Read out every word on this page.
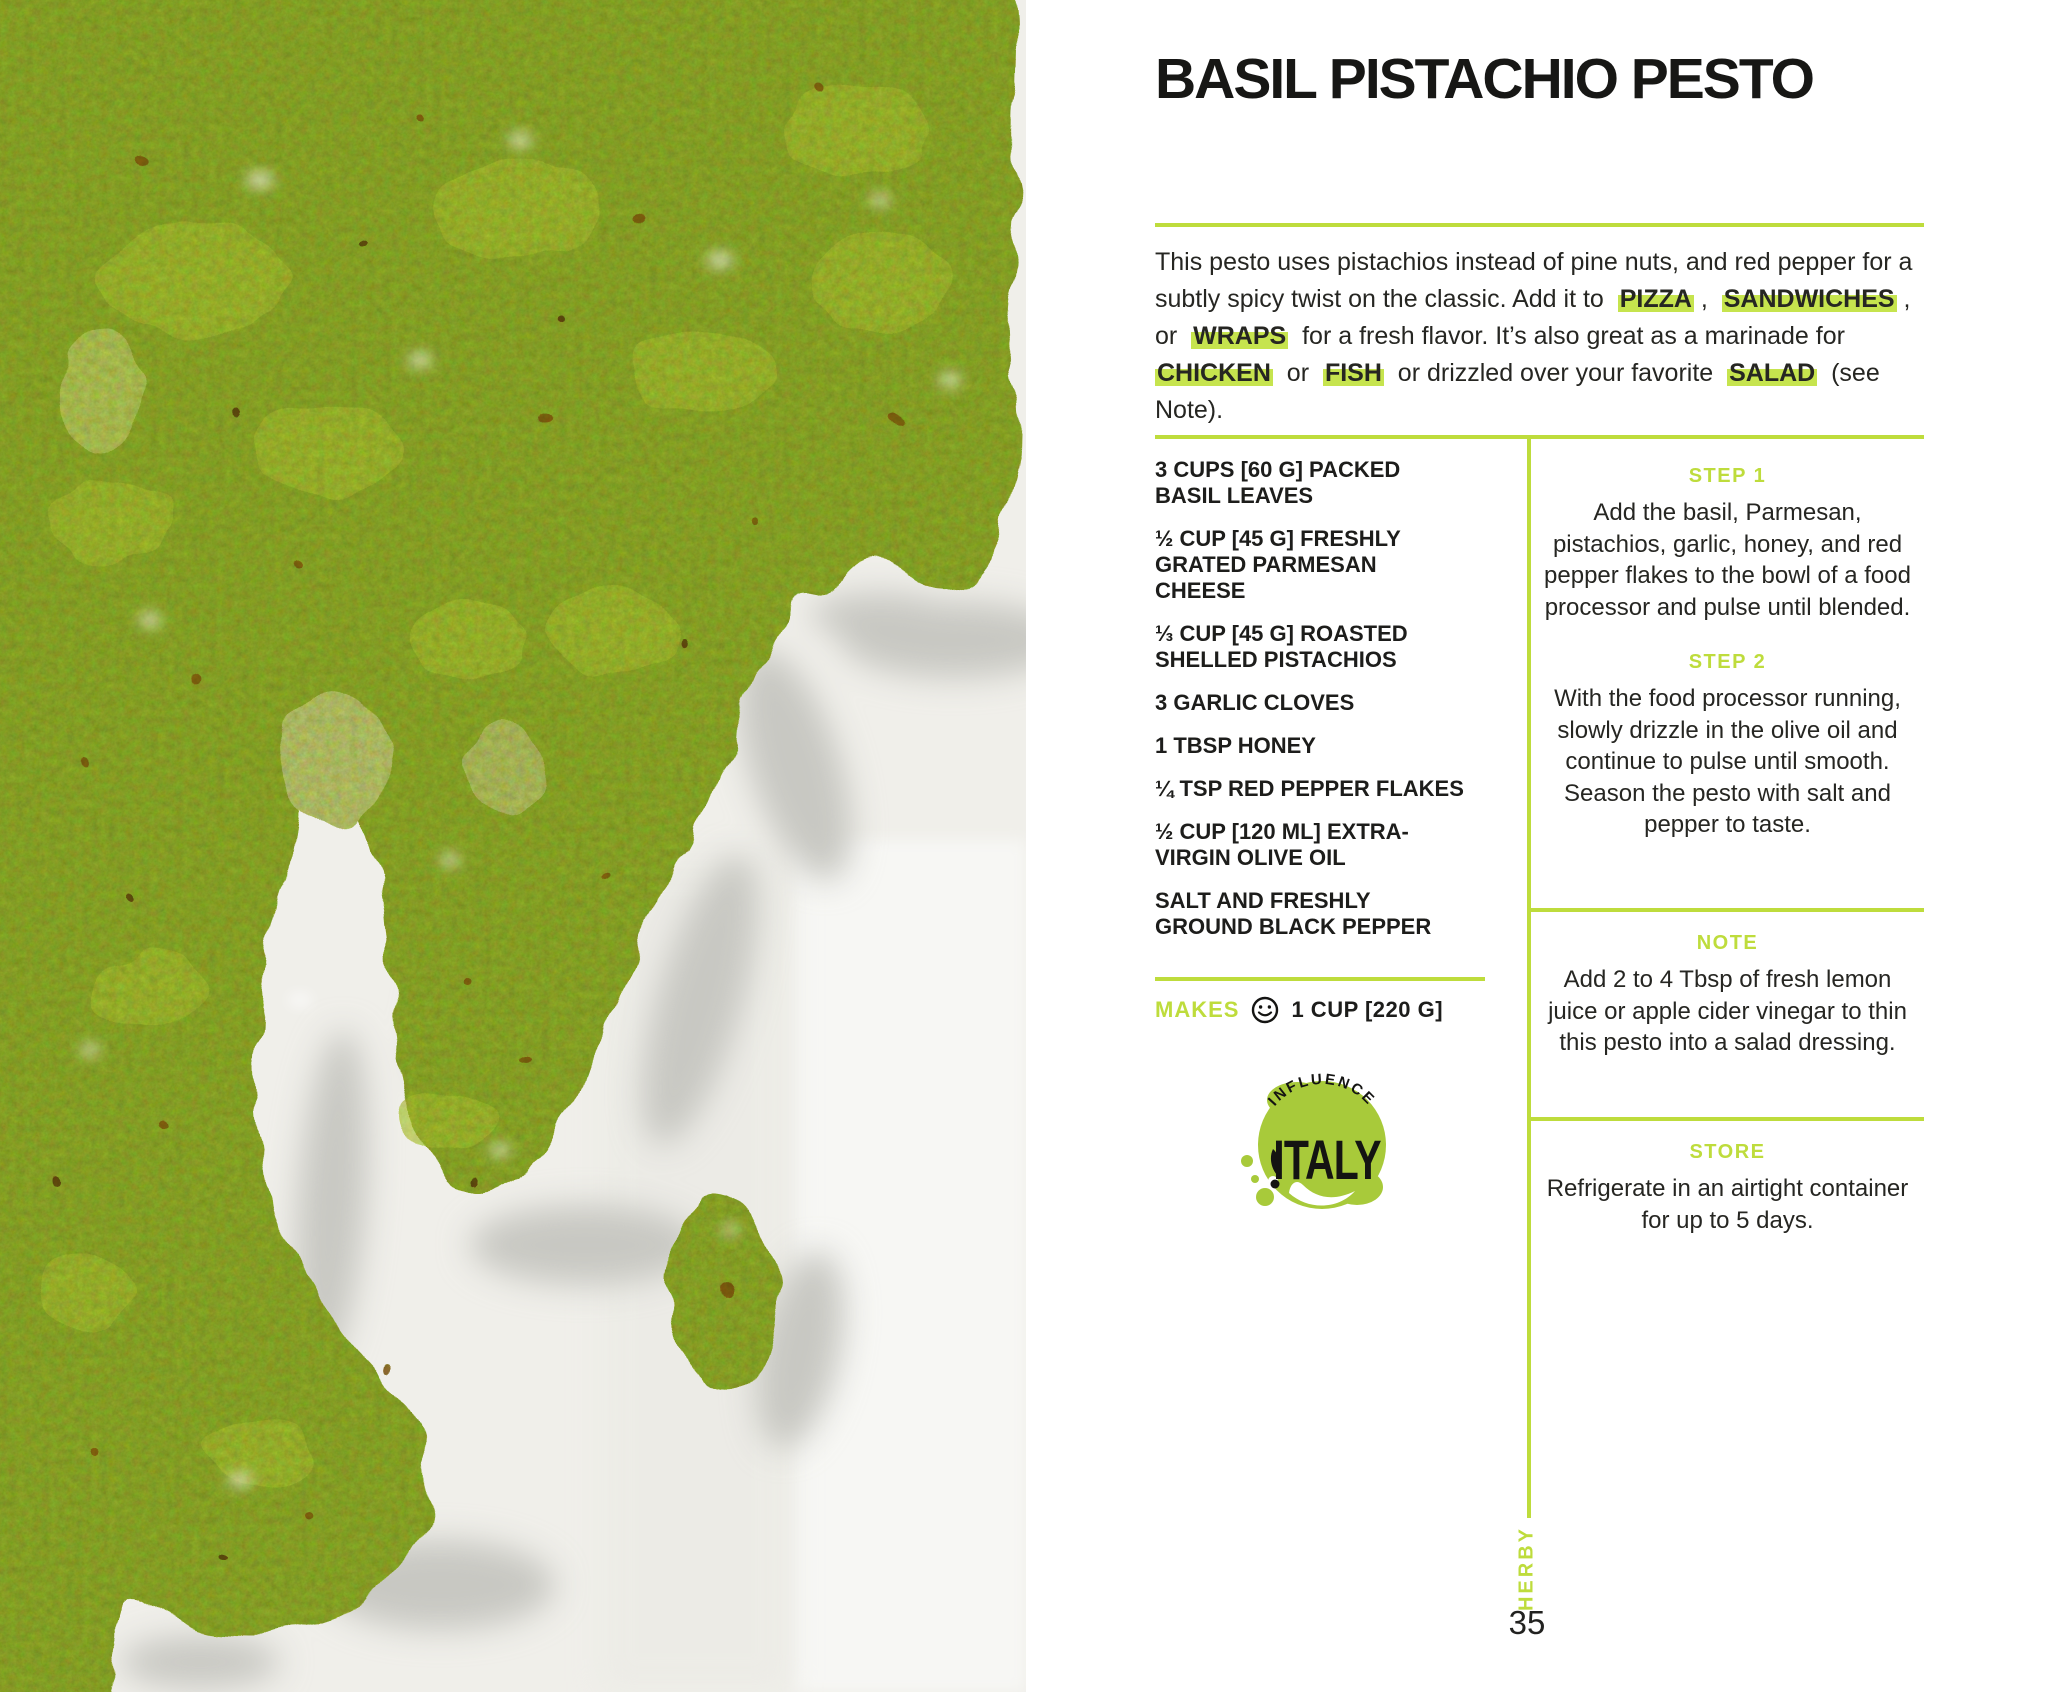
BASIL PISTACHIO PESTO
This pesto uses pistachios instead of pine nuts, and red pepper for a subtly spicy twist on the classic. Add it to  PIZZA ,  SANDWICHES , or  WRAPS  for a fresh flavor. It’s also great as a marinade for  CHICKEN  or  FISH  or drizzled over your favorite  SALAD  (see Note).
3 CUPS [60 G] PACKED BASIL LEAVES
½ CUP [45 G] FRESHLY GRATED PARMESAN CHEESE
⅓ CUP [45 G] ROASTED SHELLED PISTACHIOS
3 GARLIC CLOVES
1 TBSP HONEY
¼ TSP RED PEPPER FLAKES
½ CUP [120 ML] EXTRA-VIRGIN OLIVE OIL
SALT AND FRESHLY GROUND BLACK PEPPER
MAKES 1 CUP [220 G]
INFLUENCE
ITALY
STEP 1
Add the basil, Parmesan, pistachios, garlic, honey, and red pepper flakes to the bowl of a food processor and pulse until blended.
STEP 2
With the food processor running, slowly drizzle in the olive oil and continue to pulse until smooth. Season the pesto with salt and pepper to taste.
NOTE
Add 2 to 4 Tbsp of fresh lemon juice or apple cider vinegar to thin this pesto into a salad dressing.
STORE
Refrigerate in an airtight container for up to 5 days.
HERBY
35
